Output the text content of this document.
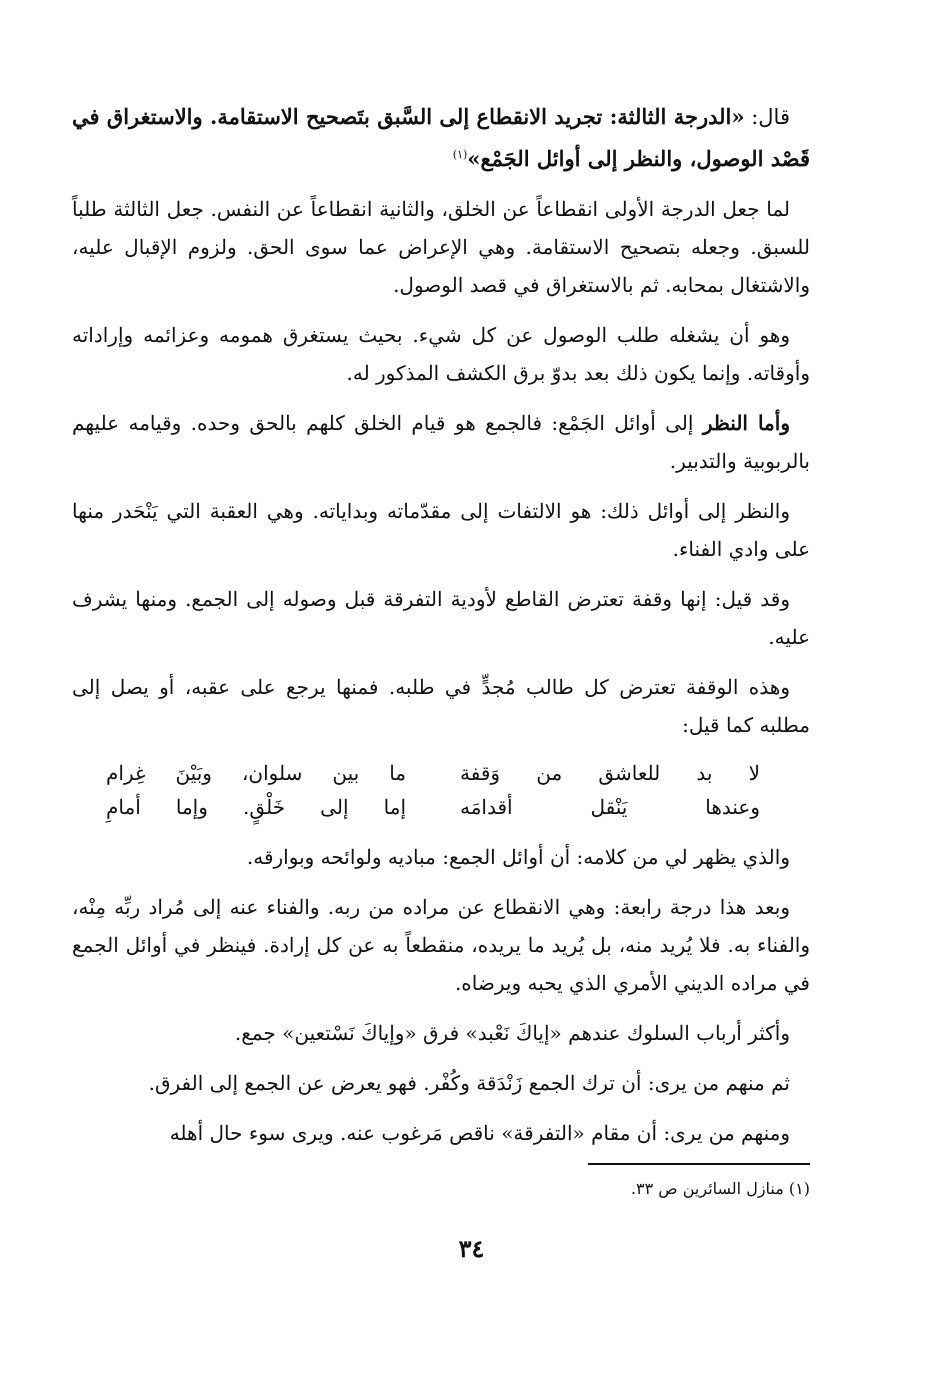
قال: «الدرجة الثالثة: تجريد الانقطاع إلى السَّبق بتَصحيح الاستقامة. والاستغراق في قَصْد الوصول، والنظر إلى أوائل الجَمْع»$^{(١)}$

لما جعل الدرجة الأولى انقطاعاً عن الخلق، والثانية انقطاعاً عن النفس. جعل الثالثة طلباً للسبق. وجعله بتصحيح الاستقامة. وهي الإعراض عما سوى الحق. ولزوم الإقبال عليه، والاشتغال بمحابه. ثم بالاستغراق في قصد الوصول.

وهو أن يشغله طلب الوصول عن كل شيء. بحيث يستغرق همومه وعزائمه وإراداته وأوقاته. وإنما يكون ذلك بعد بدوّ برق الكشف المذكور له.

وأما النظر إلى أوائل الجَمْع: فالجمع هو قيام الخلق كلهم بالحق وحده. وقيامه عليهم بالربوبية والتدبير.

والنظر إلى أوائل ذلك: هو الالتفات إلى مقدّماته وبداياته. وهي العقبة التي يَنْحَدر منها على وادي الفناء.

وقد قيل: إنها وقفة تعترض القاطع لأودية التفرقة قبل وصوله إلى الجمع. ومنها يشرف عليه.

وهذه الوقفة تعترض كل طالب مُجدٍّ في طلبه. فمنها يرجع على عقبه، أو يصل إلى مطلبه كما قيل:

لا بد للعاشق من وَقفة
ما بين سلوان، وبَيْنَ غِرام
وعندها يَنْقل أقدامَه
إما إلى خَلْقٍ. وإما أمامِ

والذي يظهر لي من كلامه: أن أوائل الجمع: مباديه ولوائحه وبوارقه.

وبعد هذا درجة رابعة: وهي الانقطاع عن مراده من ربه. والفناء عنه إلى مُراد ربِّه مِنْه، والفناء به. فلا يُريد منه، بل يُريد ما يريده، منقطعاً به عن كل إرادة. فينظر في أوائل الجمع في مراده الديني الأمري الذي يحبه ويرضاه.

وأكثر أرباب السلوك عندهم «إياكَ نَعْبد» فرق «وإياكَ نَسْتعين» جمع.

ثم منهم من يرى: أن ترك الجمع زَنْدَقة وكُفْر. فهو يعرض عن الجمع إلى الفرق.

ومنهم من يرى: أن مقام «التفرقة» ناقص مَرغوب عنه. ويرى سوء حال أهله

(١) منازل السائرين ص ٣٣.
٣٤
